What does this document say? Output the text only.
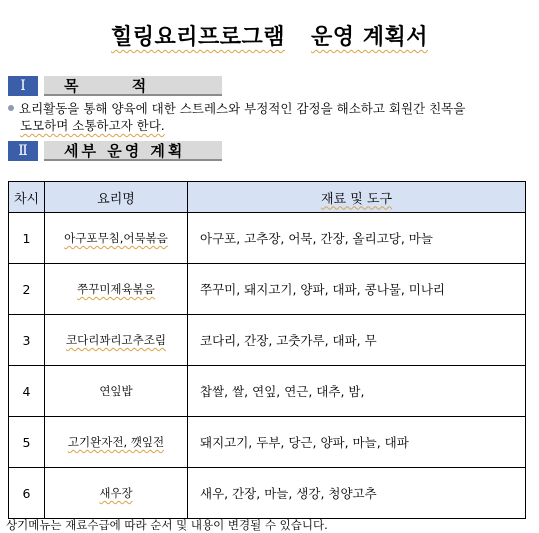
힐링요리프로그램 운영 계획서
Ⅰ	목 적
요리활동을 통해 양육에 대한 스트레스와 부정적인 감정을 해소하고 회원간 친목을
도모하며 소통하고자 한다.
Ⅱ	세부 운영 계획
차시	요리명	재료 및 도구
1	아구포무침,어묵볶음	아구포, 고추장, 어묵, 간장, 올리고당, 마늘
2	쭈꾸미제육볶음	쭈꾸미, 돼지고기, 양파, 대파, 콩나물, 미나리
3	코다리꽈리고추조림	코다리, 간장, 고춧가루, 대파, 무
4	연잎밥	찹쌀, 쌀, 연잎, 연근, 대추, 밤,
5	고기완자전, 깻잎전	돼지고기, 두부, 당근, 양파, 마늘, 대파
6	새우장	새우, 간장, 마늘, 생강, 청양고추
상기메뉴는 재료수급에 따라 순서 및 내용이 변경될 수 있습니다.
